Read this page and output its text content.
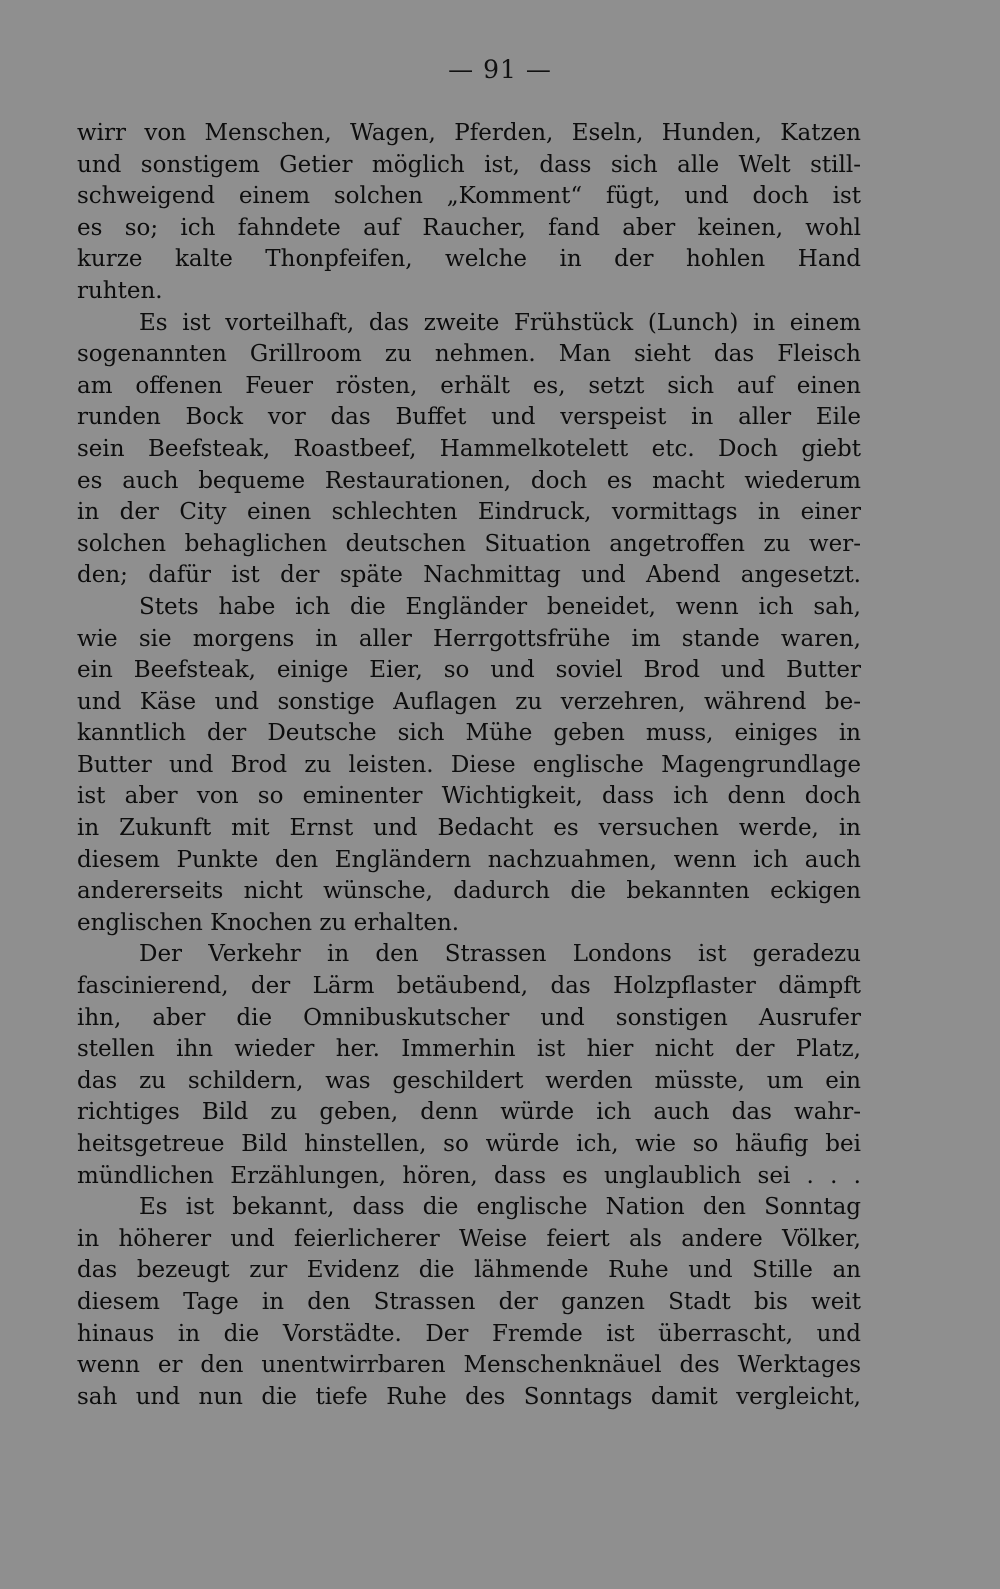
— 91 —
wirr von Menschen, Wagen, Pferden, Eseln, Hunden, Katzen
und sonstigem Getier möglich ist, dass sich alle Welt still-
schweigend einem solchen „Komment“ fügt, und doch ist
es so; ich fahndete auf Raucher, fand aber keinen, wohl
kurze kalte Thonpfeifen, welche in der hohlen Hand
ruhten.
Es ist vorteilhaft, das zweite Frühstück (Lunch) in einem
sogenannten Grillroom zu nehmen. Man sieht das Fleisch
am offenen Feuer rösten, erhält es, setzt sich auf einen
runden Bock vor das Buffet und verspeist in aller Eile
sein Beefsteak, Roastbeef, Hammelkotelett etc. Doch giebt
es auch bequeme Restaurationen, doch es macht wiederum
in der City einen schlechten Eindruck, vormittags in einer
solchen behaglichen deutschen Situation angetroffen zu wer-
den; dafür ist der späte Nachmittag und Abend angesetzt.
Stets habe ich die Engländer beneidet, wenn ich sah,
wie sie morgens in aller Herrgottsfrühe im stande waren,
ein Beefsteak, einige Eier, so und soviel Brod und Butter
und Käse und sonstige Auflagen zu verzehren, während be-
kanntlich der Deutsche sich Mühe geben muss, einiges in
Butter und Brod zu leisten. Diese englische Magengrundlage
ist aber von so eminenter Wichtigkeit, dass ich denn doch
in Zukunft mit Ernst und Bedacht es versuchen werde, in
diesem Punkte den Engländern nachzuahmen, wenn ich auch
andererseits nicht wünsche, dadurch die bekannten eckigen
englischen Knochen zu erhalten.
Der Verkehr in den Strassen Londons ist geradezu
fascinierend, der Lärm betäubend, das Holzpflaster dämpft
ihn, aber die Omnibuskutscher und sonstigen Ausrufer
stellen ihn wieder her. Immerhin ist hier nicht der Platz,
das zu schildern, was geschildert werden müsste, um ein
richtiges Bild zu geben, denn würde ich auch das wahr-
heitsgetreue Bild hinstellen, so würde ich, wie so häufig bei
mündlichen Erzählungen, hören, dass es unglaublich sei . . .
Es ist bekannt, dass die englische Nation den Sonntag
in höherer und feierlicherer Weise feiert als andere Völker,
das bezeugt zur Evidenz die lähmende Ruhe und Stille an
diesem Tage in den Strassen der ganzen Stadt bis weit
hinaus in die Vorstädte. Der Fremde ist überrascht, und
wenn er den unentwirrbaren Menschenknäuel des Werktages
sah und nun die tiefe Ruhe des Sonntags damit vergleicht,
